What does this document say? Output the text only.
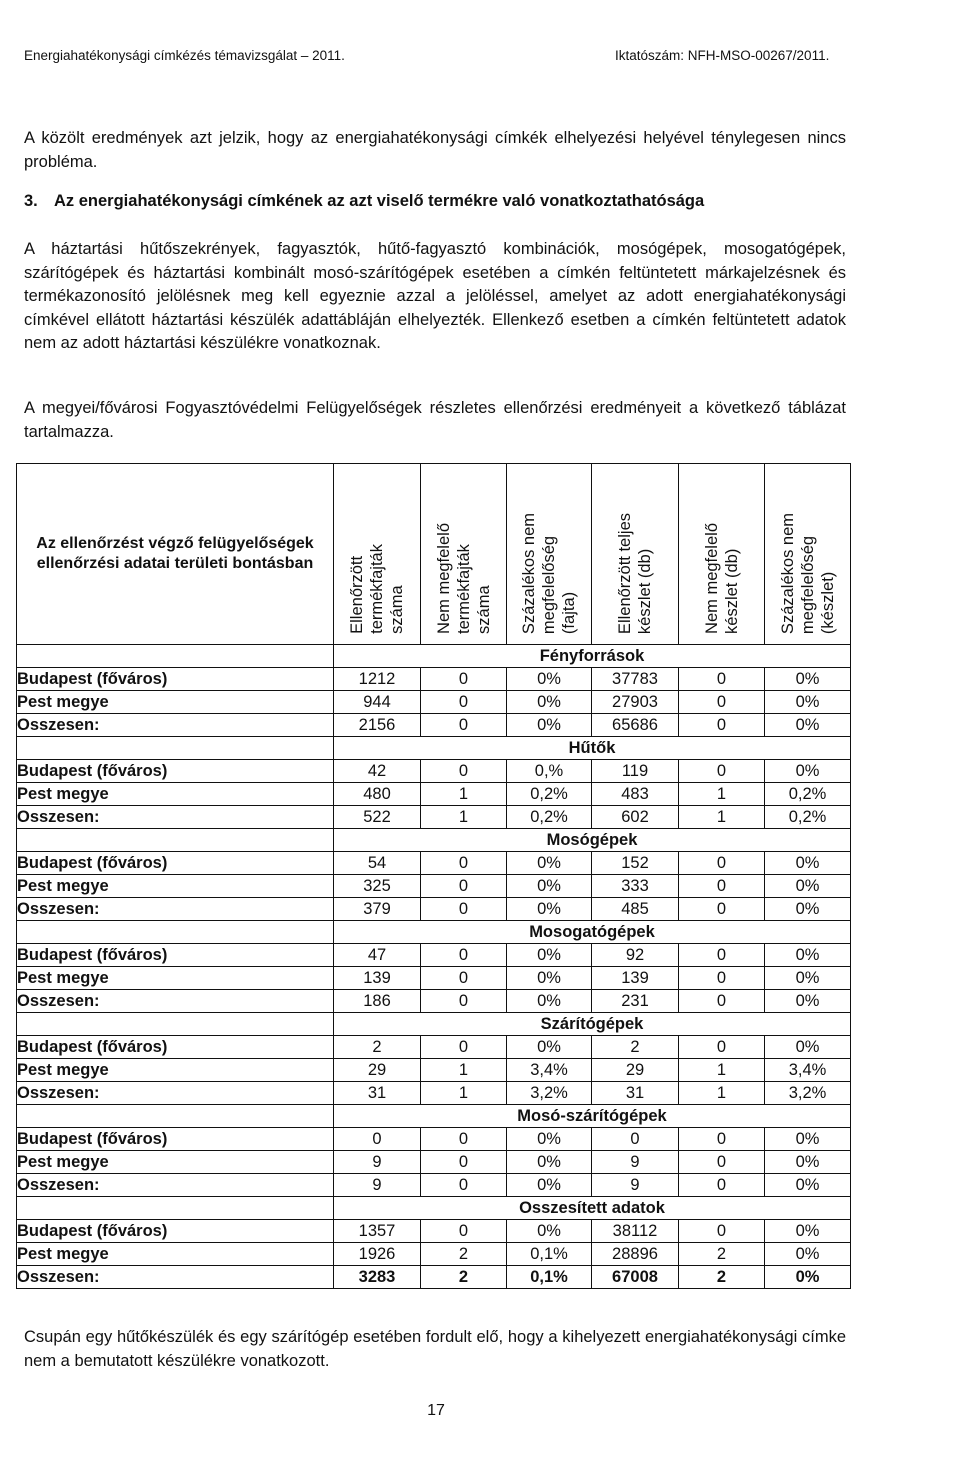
Energiahatékonysági címkézés témavizsgálat – 2011.	Iktatószám: NFH-MSO-00267/2011.

A közölt eredmények azt jelzik, hogy az energiahatékonysági címkék elhelyezési helyével ténylegesen nincs probléma.

3. Az energiahatékonysági címkének az azt viselő termékre való vonatkoztathatósága

A háztartási hűtőszekrények, fagyasztók, hűtő-fagyasztó kombinációk, mosógépek, mosogatógépek, szárítógépek és háztartási kombinált mosó-szárítógépek esetében a címkén feltüntetett márkajelzésnek és termékazonosító jelölésnek meg kell egyeznie azzal a jelöléssel, amelyet az adott energiahatékonysági címkével ellátott háztartási készülék adattábláján elhelyezték. Ellenkező esetben a címkén feltüntetett adatok nem az adott háztartási készülékre vonatkoznak.

A megyei/fővárosi Fogyasztóvédelmi Felügyelőségek részletes ellenőrzési eredményeit a következő táblázat tartalmazza.

Az ellenőrzést végző felügyelőségek ellenőrzési adatai területi bontásban	Ellenőrzött
termékfajták
száma	Nem megfelelő
termékfajták
száma	Százalékos nem
megfelelőség
(fajta)	Ellenőrzött teljes
készlet (db)	Nem megfelelő
készlet (db)	Százalékos nem
megfelelőség
(készlet)

	Fényforrások					
Budapest (főváros)	1212	0	0%	37783	0	0%
Pest megye	944	0	0%	27903	0	0%
Osszesen:	2156	0	0%	65686	0	0%
	Hűtők					
Budapest (főváros)	42	0	0,%	119	0	0%
Pest megye	480	1	0,2%	483	1	0,2%
Osszesen:	522	1	0,2%	602	1	0,2%
	Mosógépek					
Budapest (főváros)	54	0	0%	152	0	0%
Pest megye	325	0	0%	333	0	0%
Osszesen:	379	0	0%	485	0	0%
	Mosogatógépek					
Budapest (főváros)	47	0	0%	92	0	0%
Pest megye	139	0	0%	139	0	0%
Osszesen:	186	0	0%	231	0	0%
	Szárítógépek					
Budapest (főváros)	2	0	0%	2	0	0%
Pest megye	29	1	3,4%	29	1	3,4%
Osszesen:	31	1	3,2%	31	1	3,2%
	Mosó-szárítógépek					
Budapest (főváros)	0	0	0%	0	0	0%
Pest megye	9	0	0%	9	0	0%
Osszesen:	9	0	0%	9	0	0%
	Osszesített adatok					
Budapest (főváros)	1357	0	0%	38112	0	0%
Pest megye	1926	2	0,1%	28896	2	0%
Osszesen:	3283	2	0,1%	67008	2	0%

Csupán egy hűtőkészülék és egy szárítógép esetében fordult elő, hogy a kihelyezett energiahatékonysági címke nem a bemutatott készülékre vonatkozott.

17
